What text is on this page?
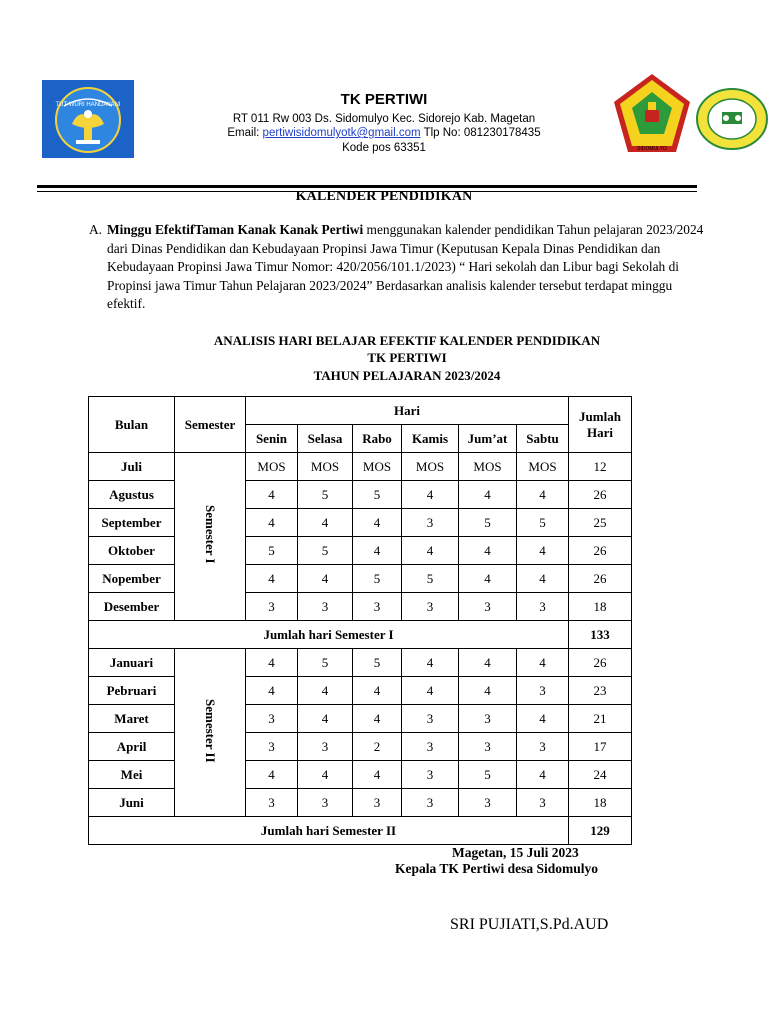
TUT WURI HANDAYANI	TK PERTIWI
RT 011 Rw 003 Ds. Sidomulyo Kec. Sidorejo Kab. Magetan
Email: pertiwisidomulyotk@gmail.com Tlp No: 081230178435
Kode pos 63351	SIDOMULYO
KALENDER PENDIDIKAN
A. Minggu EfektifTaman Kanak Kanak Pertiwi menggunakan kalender pendidikan Tahun pelajaran 2023/2024 dari Dinas Pendidikan dan Kebudayaan Propinsi Jawa Timur (Keputusan Kepala Dinas Pendidikan dan Kebudayaan Propinsi Jawa Timur Nomor: 420/2056/101.1/2023) “ Hari sekolah dan Libur bagi Sekolah di Propinsi jawa Timur Tahun Pelajaran 2023/2024” Berdasarkan analisis kalender tersebut terdapat minggu efektif.
ANALISIS HARI BELAJAR EFEKTIF KALENDER PENDIDIKAN
TK PERTIWI
TAHUN PELAJARAN 2023/2024
Bulan	Semester	Hari						Jumlah Hari
		Senin	Selasa	Rabo	Kamis	Jum’at	Sabtu	
Juli	Semester I	MOS	MOS	MOS	MOS	MOS	MOS	12
Agustus		4	5	5	4	4	4	26
September		4	4	4	3	5	5	25
Oktober		5	5	4	4	4	4	26
Nopember		4	4	5	5	4	4	26
Desember		3	3	3	3	3	3	18
Jumlah hari Semester I								133
Januari	Semester II	4	5	5	4	4	4	26
Pebruari		4	4	4	4	4	3	23
Maret		3	4	4	3	3	4	21
April		3	3	2	3	3	3	17
Mei		4	4	4	3	5	4	24
Juni		3	3	3	3	3	3	18
Jumlah hari Semester II								129
Magetan, 15 Juli 2023
Kepala TK Pertiwi desa Sidomulyo
SRI PUJIATI,S.Pd.AUD
